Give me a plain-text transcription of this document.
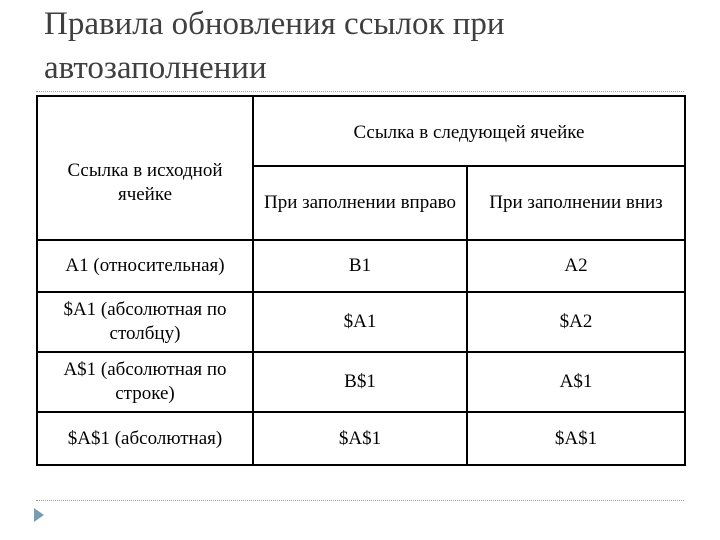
Правила обновления ссылок при автозаполнении
Ссылка в исходной ячейке	Ссылка в следующей ячейке	
	При заполнении вправо	При заполнении вниз
A1 (относительная)	B1	A2
$A1 (абсолютная по столбцу)	$A1	$A2
A$1 (абсолютная по строке)	B$1	A$1
$A$1 (абсолютная)	$A$1	$A$1
